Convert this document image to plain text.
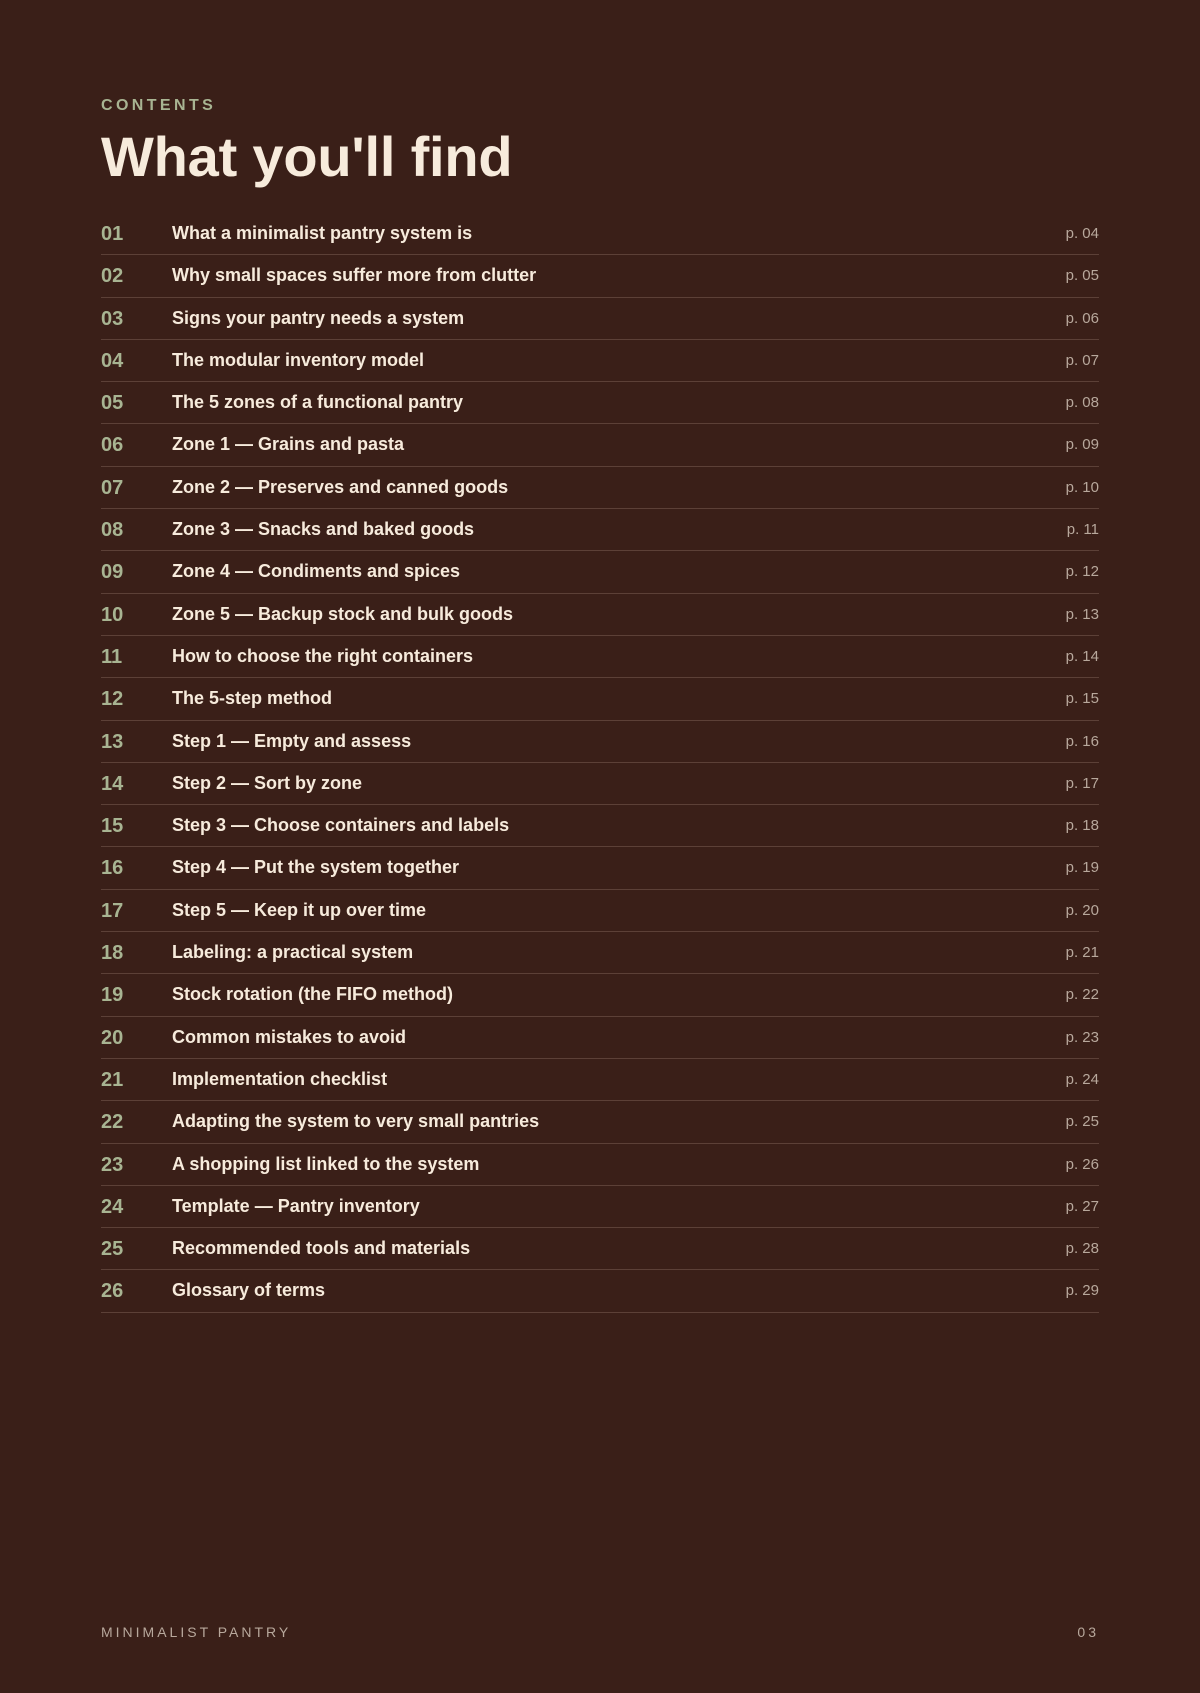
CONTENTS
What you'll find
01	What a minimalist pantry system is	p. 04
02	Why small spaces suffer more from clutter	p. 05
03	Signs your pantry needs a system	p. 06
04	The modular inventory model	p. 07
05	The 5 zones of a functional pantry	p. 08
06	Zone 1 — Grains and pasta	p. 09
07	Zone 2 — Preserves and canned goods	p. 10
08	Zone 3 — Snacks and baked goods	p. 11
09	Zone 4 — Condiments and spices	p. 12
10	Zone 5 — Backup stock and bulk goods	p. 13
11	How to choose the right containers	p. 14
12	The 5-step method	p. 15
13	Step 1 — Empty and assess	p. 16
14	Step 2 — Sort by zone	p. 17
15	Step 3 — Choose containers and labels	p. 18
16	Step 4 — Put the system together	p. 19
17	Step 5 — Keep it up over time	p. 20
18	Labeling: a practical system	p. 21
19	Stock rotation (the FIFO method)	p. 22
20	Common mistakes to avoid	p. 23
21	Implementation checklist	p. 24
22	Adapting the system to very small pantries	p. 25
23	A shopping list linked to the system	p. 26
24	Template — Pantry inventory	p. 27
25	Recommended tools and materials	p. 28
26	Glossary of terms	p. 29
MINIMALIST PANTRY	03
